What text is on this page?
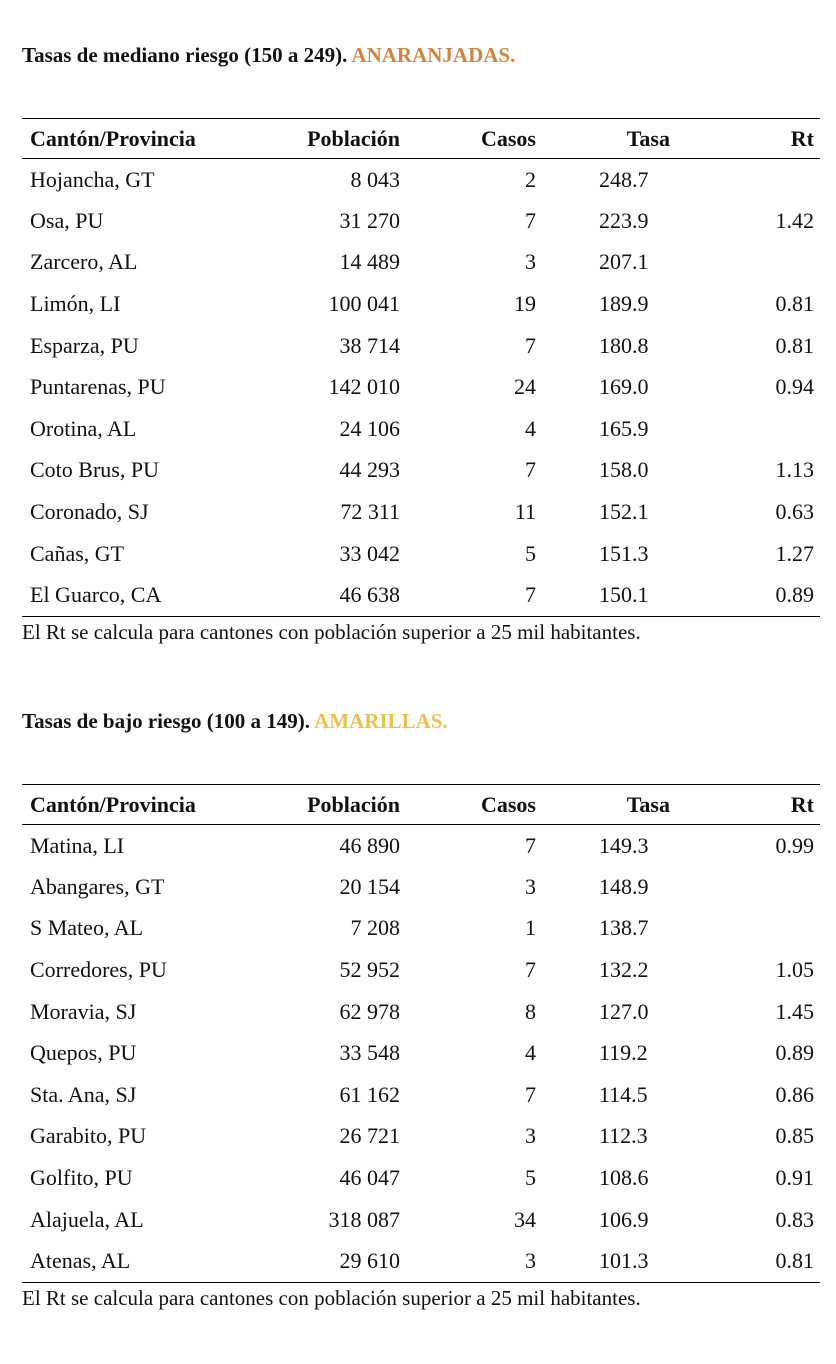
Tasas de mediano riesgo (150 a 249). ANARANJADAS.
Cantón/Provincia	Población	Casos	Tasa	Rt
Hojancha, GT	8 043	2	248.7	
Osa, PU	31 270	7	223.9	1.42
Zarcero, AL	14 489	3	207.1	
Limón, LI	100 041	19	189.9	0.81
Esparza, PU	38 714	7	180.8	0.81
Puntarenas, PU	142 010	24	169.0	0.94
Orotina, AL	24 106	4	165.9	
Coto Brus, PU	44 293	7	158.0	1.13
Coronado, SJ	72 311	11	152.1	0.63
Cañas, GT	33 042	5	151.3	1.27
El Guarco, CA	46 638	7	150.1	0.89
El Rt se calcula para cantones con población superior a 25 mil habitantes.
Tasas de bajo riesgo (100 a 149). AMARILLAS.
Cantón/Provincia	Población	Casos	Tasa	Rt
Matina, LI	46 890	7	149.3	0.99
Abangares, GT	20 154	3	148.9	
S Mateo, AL	7 208	1	138.7	
Corredores, PU	52 952	7	132.2	1.05
Moravia, SJ	62 978	8	127.0	1.45
Quepos, PU	33 548	4	119.2	0.89
Sta. Ana, SJ	61 162	7	114.5	0.86
Garabito, PU	26 721	3	112.3	0.85
Golfito, PU	46 047	5	108.6	0.91
Alajuela, AL	318 087	34	106.9	0.83
Atenas, AL	29 610	3	101.3	0.81
El Rt se calcula para cantones con población superior a 25 mil habitantes.
